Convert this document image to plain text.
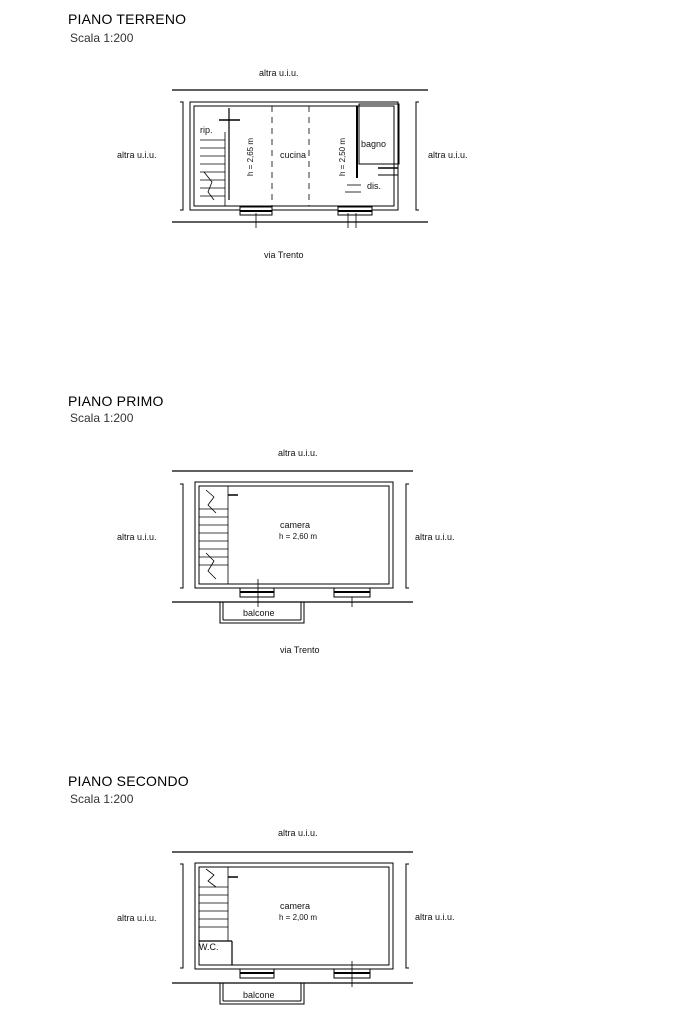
PIANO TERRENO
Scala 1:200
altra u.i.u.
altra u.i.u.	altra u.i.u.
via Trento
rip.
cucina
bagno
dis.
h = 2,65 m	h = 2,50 m
PIANO PRIMO
Scala 1:200
altra u.i.u.
altra u.i.u.	altra u.i.u.
camera
h = 2,60 m
balcone
via Trento
PIANO SECONDO
Scala 1:200
altra u.i.u.
altra u.i.u.	altra u.i.u.
camera
h = 2,00 m
W.C.
balcone
